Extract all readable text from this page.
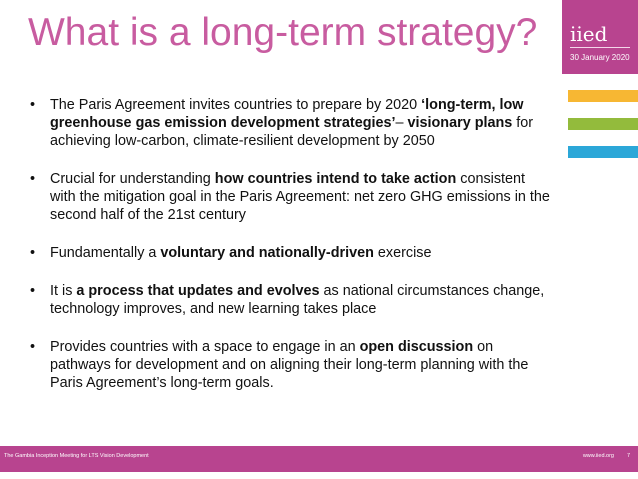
What is a long-term strategy? iied
30 January 2020
• The Paris Agreement invites countries to prepare by 2020 ‘long-term, low greenhouse gas emission development strategies’– visionary plans for achieving low-carbon, climate-resilient development by 2050
• Crucial for understanding how countries intend to take action consistent with the mitigation goal in the Paris Agreement: net zero GHG emissions in the second half of the 21st century
• Fundamentally a voluntary and nationally-driven exercise
• It is a process that updates and evolves as national circumstances change, technology improves, and new learning takes place
• Provides countries with a space to engage in an open discussion on pathways for development and on aligning their long-term planning with the Paris Agreement’s long-term goals.
The Gambia Inception Meeting for LTS Vision Development	www.iied.org 7
